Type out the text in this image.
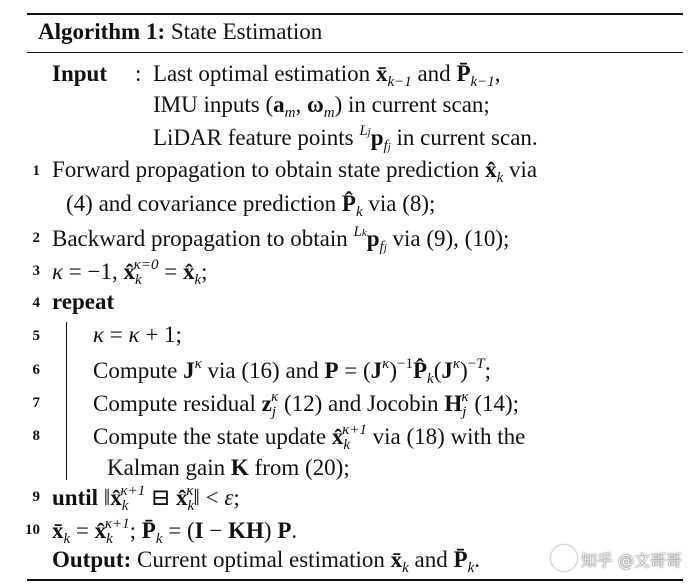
Algorithm 1: State Estimation
Input : Last optimal estimation $x̄_{k-1}$ and $P̄_{k-1}$,
IMU inputs ($a_m$, $\omega_m$) in current scan;
LiDAR feature points $^{Lj}p_{fj}$ in current scan.
1
2
3
4
5
6
7
8
9
10
Forward propagation to obtain state prediction $x̂_k$ via
(4) and covariance prediction $P̂_k$ via (8);
Backward propagation to obtain $^{Lk}p_{fj}$ via (9), (10);
κ = −1, $x̂_k^{\kappa=0}$ = $x̂_k$;
repeat
κ = κ + 1;
Compute $J^\kappa$ via (16) and $P = (J^\kappa)^{-1}P̂_k(J^\kappa)^{-T}$;
Compute residual $z_j^\kappa$ (12) and Jocobin $H_j^\kappa$ (14);
Compute the state update $x̂_k^{\kappa+1}$ via (18) with the
Kalman gain K from (20);
until $‖x̂_k^{\kappa+1}$ ⊟ $x̂_k^\kappa‖ < \varepsilon$;
$x̄_k$ = $x̂_k^{\kappa+1}$; $P̄_k = (I - KH)$ P.
Output: Current optimal estimation $x̄_k$ and $P̄_k$.	知乎 @文哥哥
